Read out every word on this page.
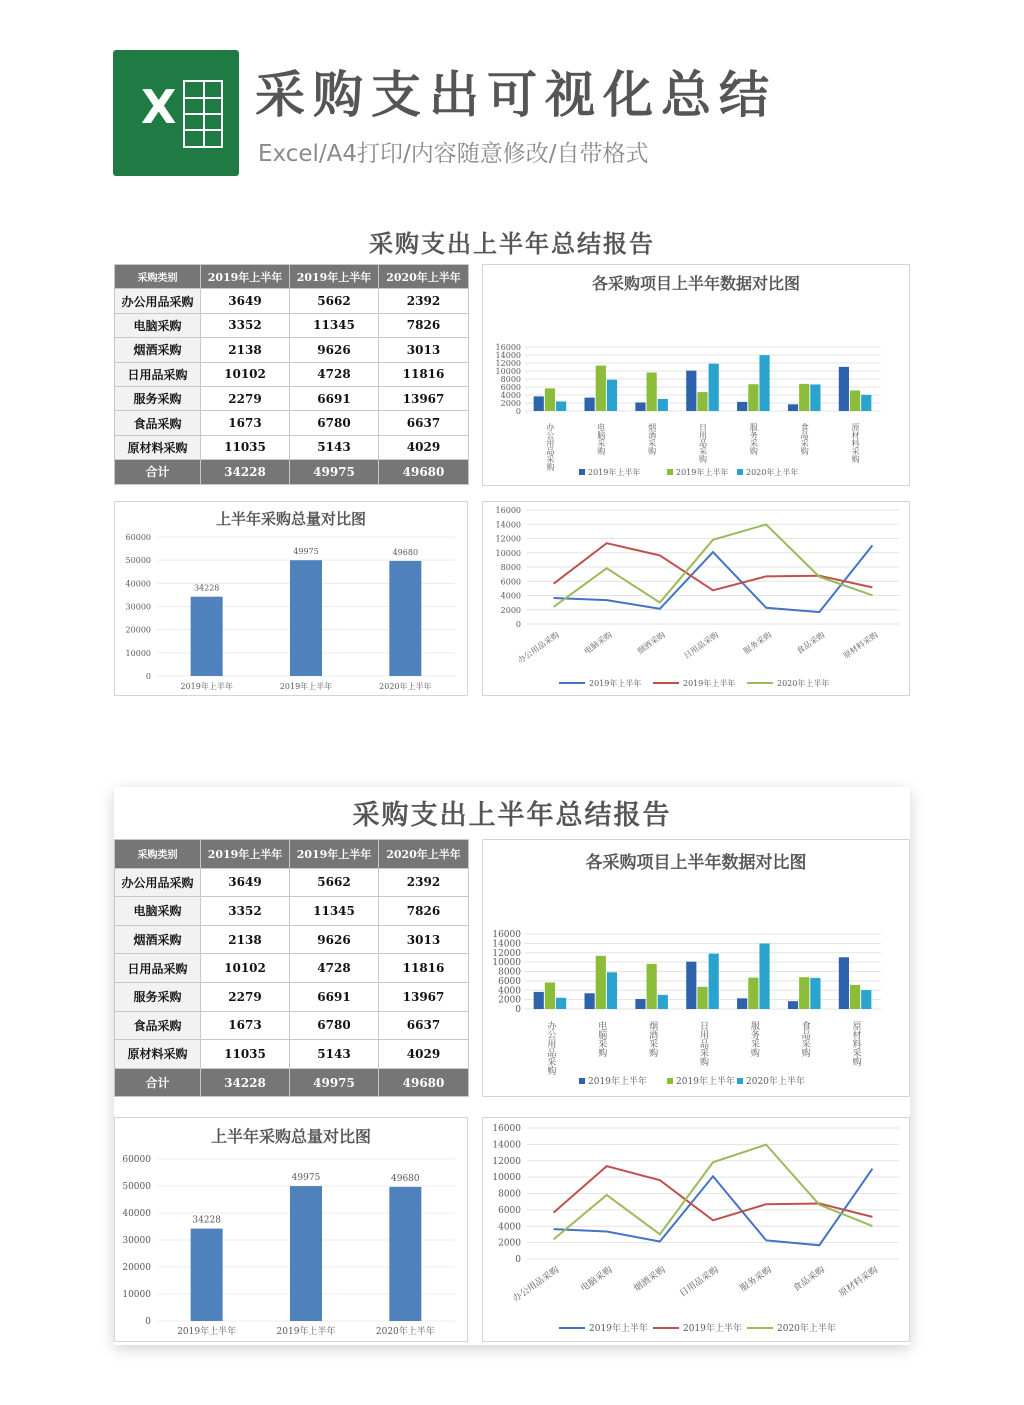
X 采购支出可视化总结
Excel/A4打印/内容随意修改/自带格式
采购支出上半年总结报告
采购类别	2019年上半年	2019年上半年	2020年上半年
办公用品采购	3649	5662	2392
电脑采购	3352	11345	7826
烟酒采购	2138	9626	3013
日用品采购	10102	4728	11816
服务采购	2279	6691	13967
食品采购	1673	6780	6637
原材料采购	11035	5143	4029
合计	34228	49975	49680
各采购项目上半年数据对比图
16000
14000
12000
10000
8000
6000
4000
2000
0
办公用品采购	电脑采购	烟酒采购	日用品采购	服务采购	食品采购	原材料采购
2019年上半年	2019年上半年 2020年上半年
上半年采购总量对比图
60000
50000
40000
30000
20000
10000
0
34228
2019年上半年
49975
2019年上半年
49680
2020年上半年
16000
14000
12000
10000
8000
6000
4000
2000
0
办公用品采购	电脑采购	烟酒采购 日用品采购	服务采购	食品采购 原材料采购
2019年上半年	2019年上半年	2020年上半年
采购支出上半年总结报告
采购类别	2019年上半年	2019年上半年	2020年上半年
办公用品采购	3649	5662	2392
电脑采购	3352	11345	7826
烟酒采购	2138	9626	3013
日用品采购	10102	4728	11816
服务采购	2279	6691	13967
食品采购	1673	6780	6637
原材料采购	11035	5143	4029
合计	34228	49975	49680
各采购项目上半年数据对比图
16000
14000
12000
10000
8000
6000
4000
2000
0
办公用品采购	电脑采购	烟酒采购	日用品采购	服务采购	食品采购	原材料采购
2019年上半年	2019年上半年 2020年上半年
上半年采购总量对比图
60000
50000
40000
30000
20000
10000
0
34228
2019年上半年
49975
2019年上半年
49680
2020年上半年
16000
14000
12000
10000
8000
6000
4000
2000
0
办公用品采购 电脑采购 烟酒采购 日用品采购 服务采购 食品采购 原材料采购
2019年上半年	2019年上半年	2020年上半年
